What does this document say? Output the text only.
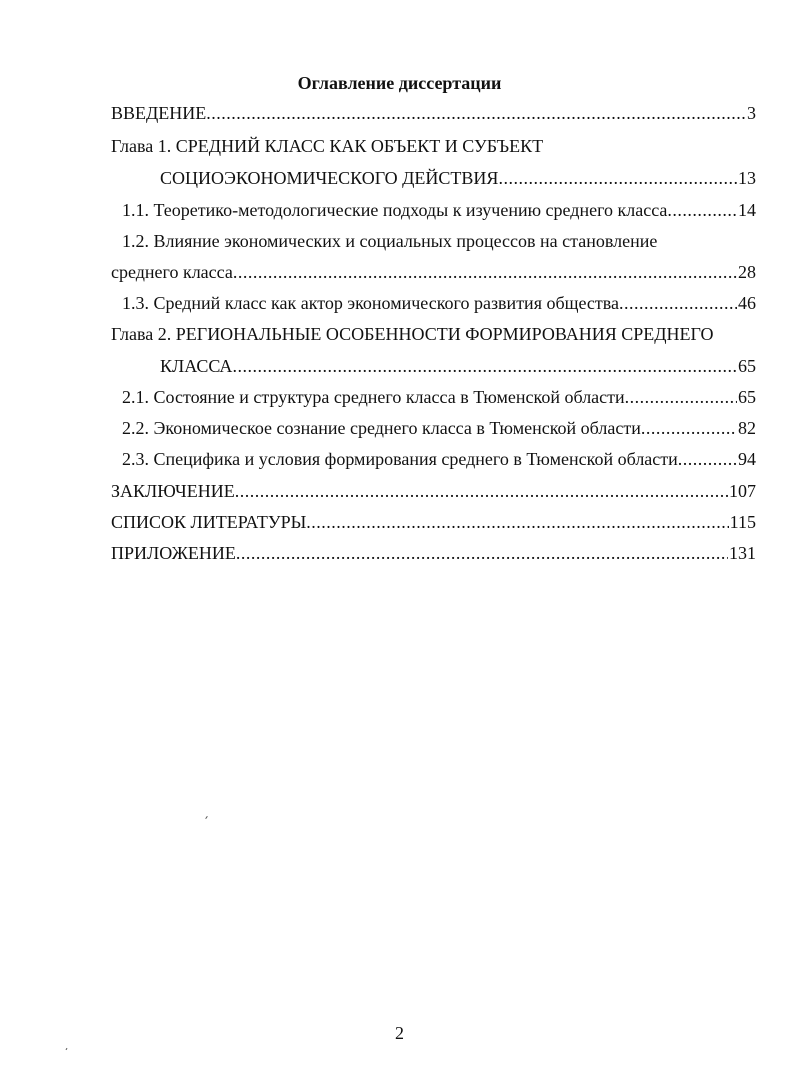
Оглавление диссертации
ВВЕДЕНИЕ .....	3
Глава 1. СРЕДНИЙ КЛАСС КАК ОБЪЕКТ И СУБЪЕКТ
СОЦИОЭКОНОМИЧЕСКОГО ДЕЙСТВИЯ .....	13
1.1. Теоретико-методологические подходы к изучению среднего класса .....	14
1.2. Влияние экономических и социальных процессов на становление
среднего класса .....	28
1.3. Средний класс как актор экономического развития общества .....	46
Глава 2. РЕГИОНАЛЬНЫЕ ОСОБЕННОСТИ ФОРМИРОВАНИЯ СРЕДНЕГО
КЛАССА .....	65
2.1. Состояние и структура среднего класса в Тюменской области .....	65
2.2. Экономическое сознание среднего класса в Тюменской области .....	82
2.3. Специфика и условия формирования среднего в Тюменской области .....	94
ЗАКЛЮЧЕНИЕ .....	107
СПИСОК ЛИТЕРАТУРЫ .....	115
ПРИЛОЖЕНИЕ .....	131
2
